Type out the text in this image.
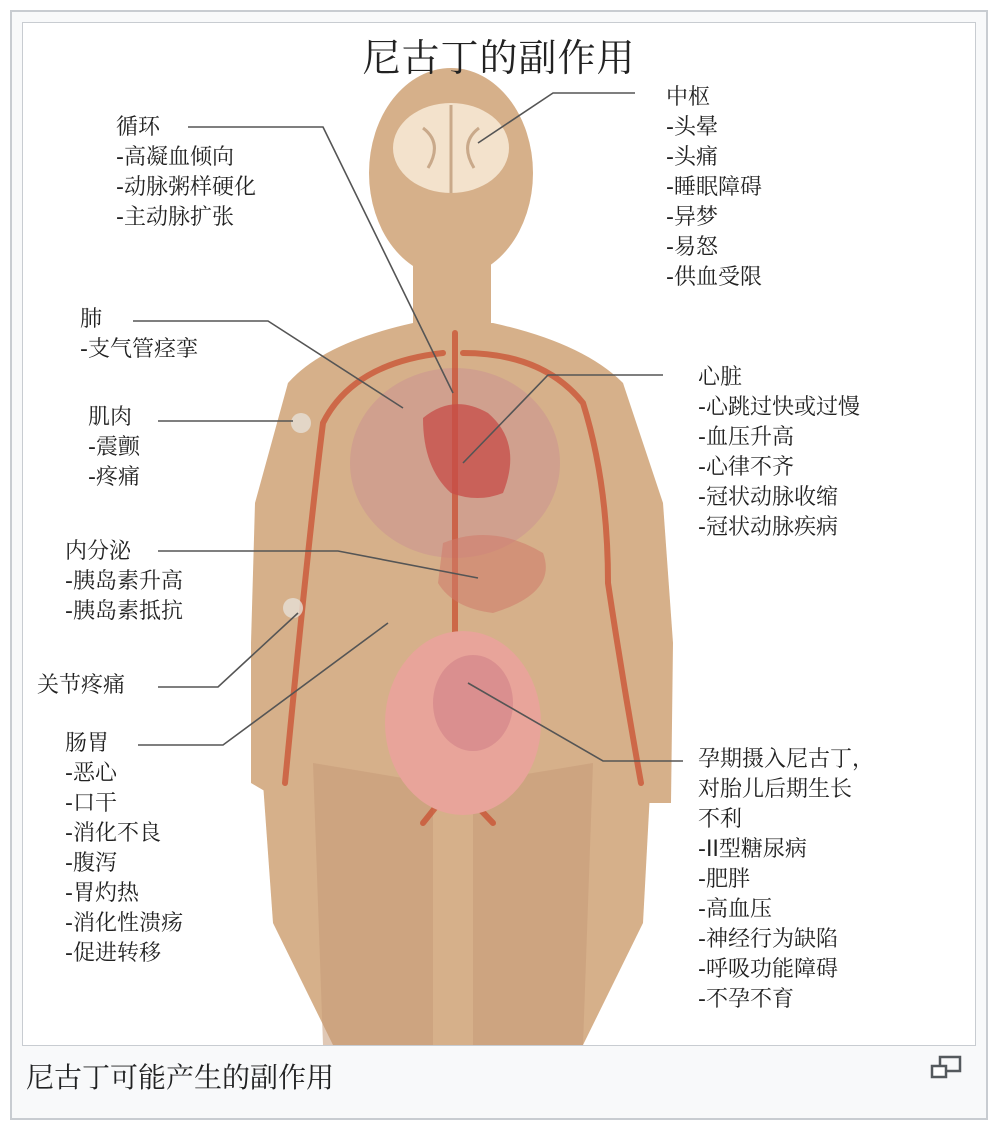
尼古丁的副作用
中枢
-头晕
-头痛
-睡眠障碍
-异梦
-易怒
-供血受限
循环
-高凝血倾向
-动脉粥样硬化
-主动脉扩张
肺
-支气管痉挛
心脏
-心跳过快或过慢
-血压升高
-心律不齐
-冠状动脉收缩
-冠状动脉疾病
肌肉
-震颤
-疼痛
内分泌
-胰岛素升高
-胰岛素抵抗
关节疼痛
肠胃
-恶心
-口干
-消化不良
-腹泻
-胃灼热
-消化性溃疡
-促进转移
孕期摄入尼古丁，
对胎儿后期生长
不利
-II型糖尿病
-肥胖
-高血压
-神经行为缺陷
-呼吸功能障碍
-不孕不育
尼古丁可能产生的副作用
